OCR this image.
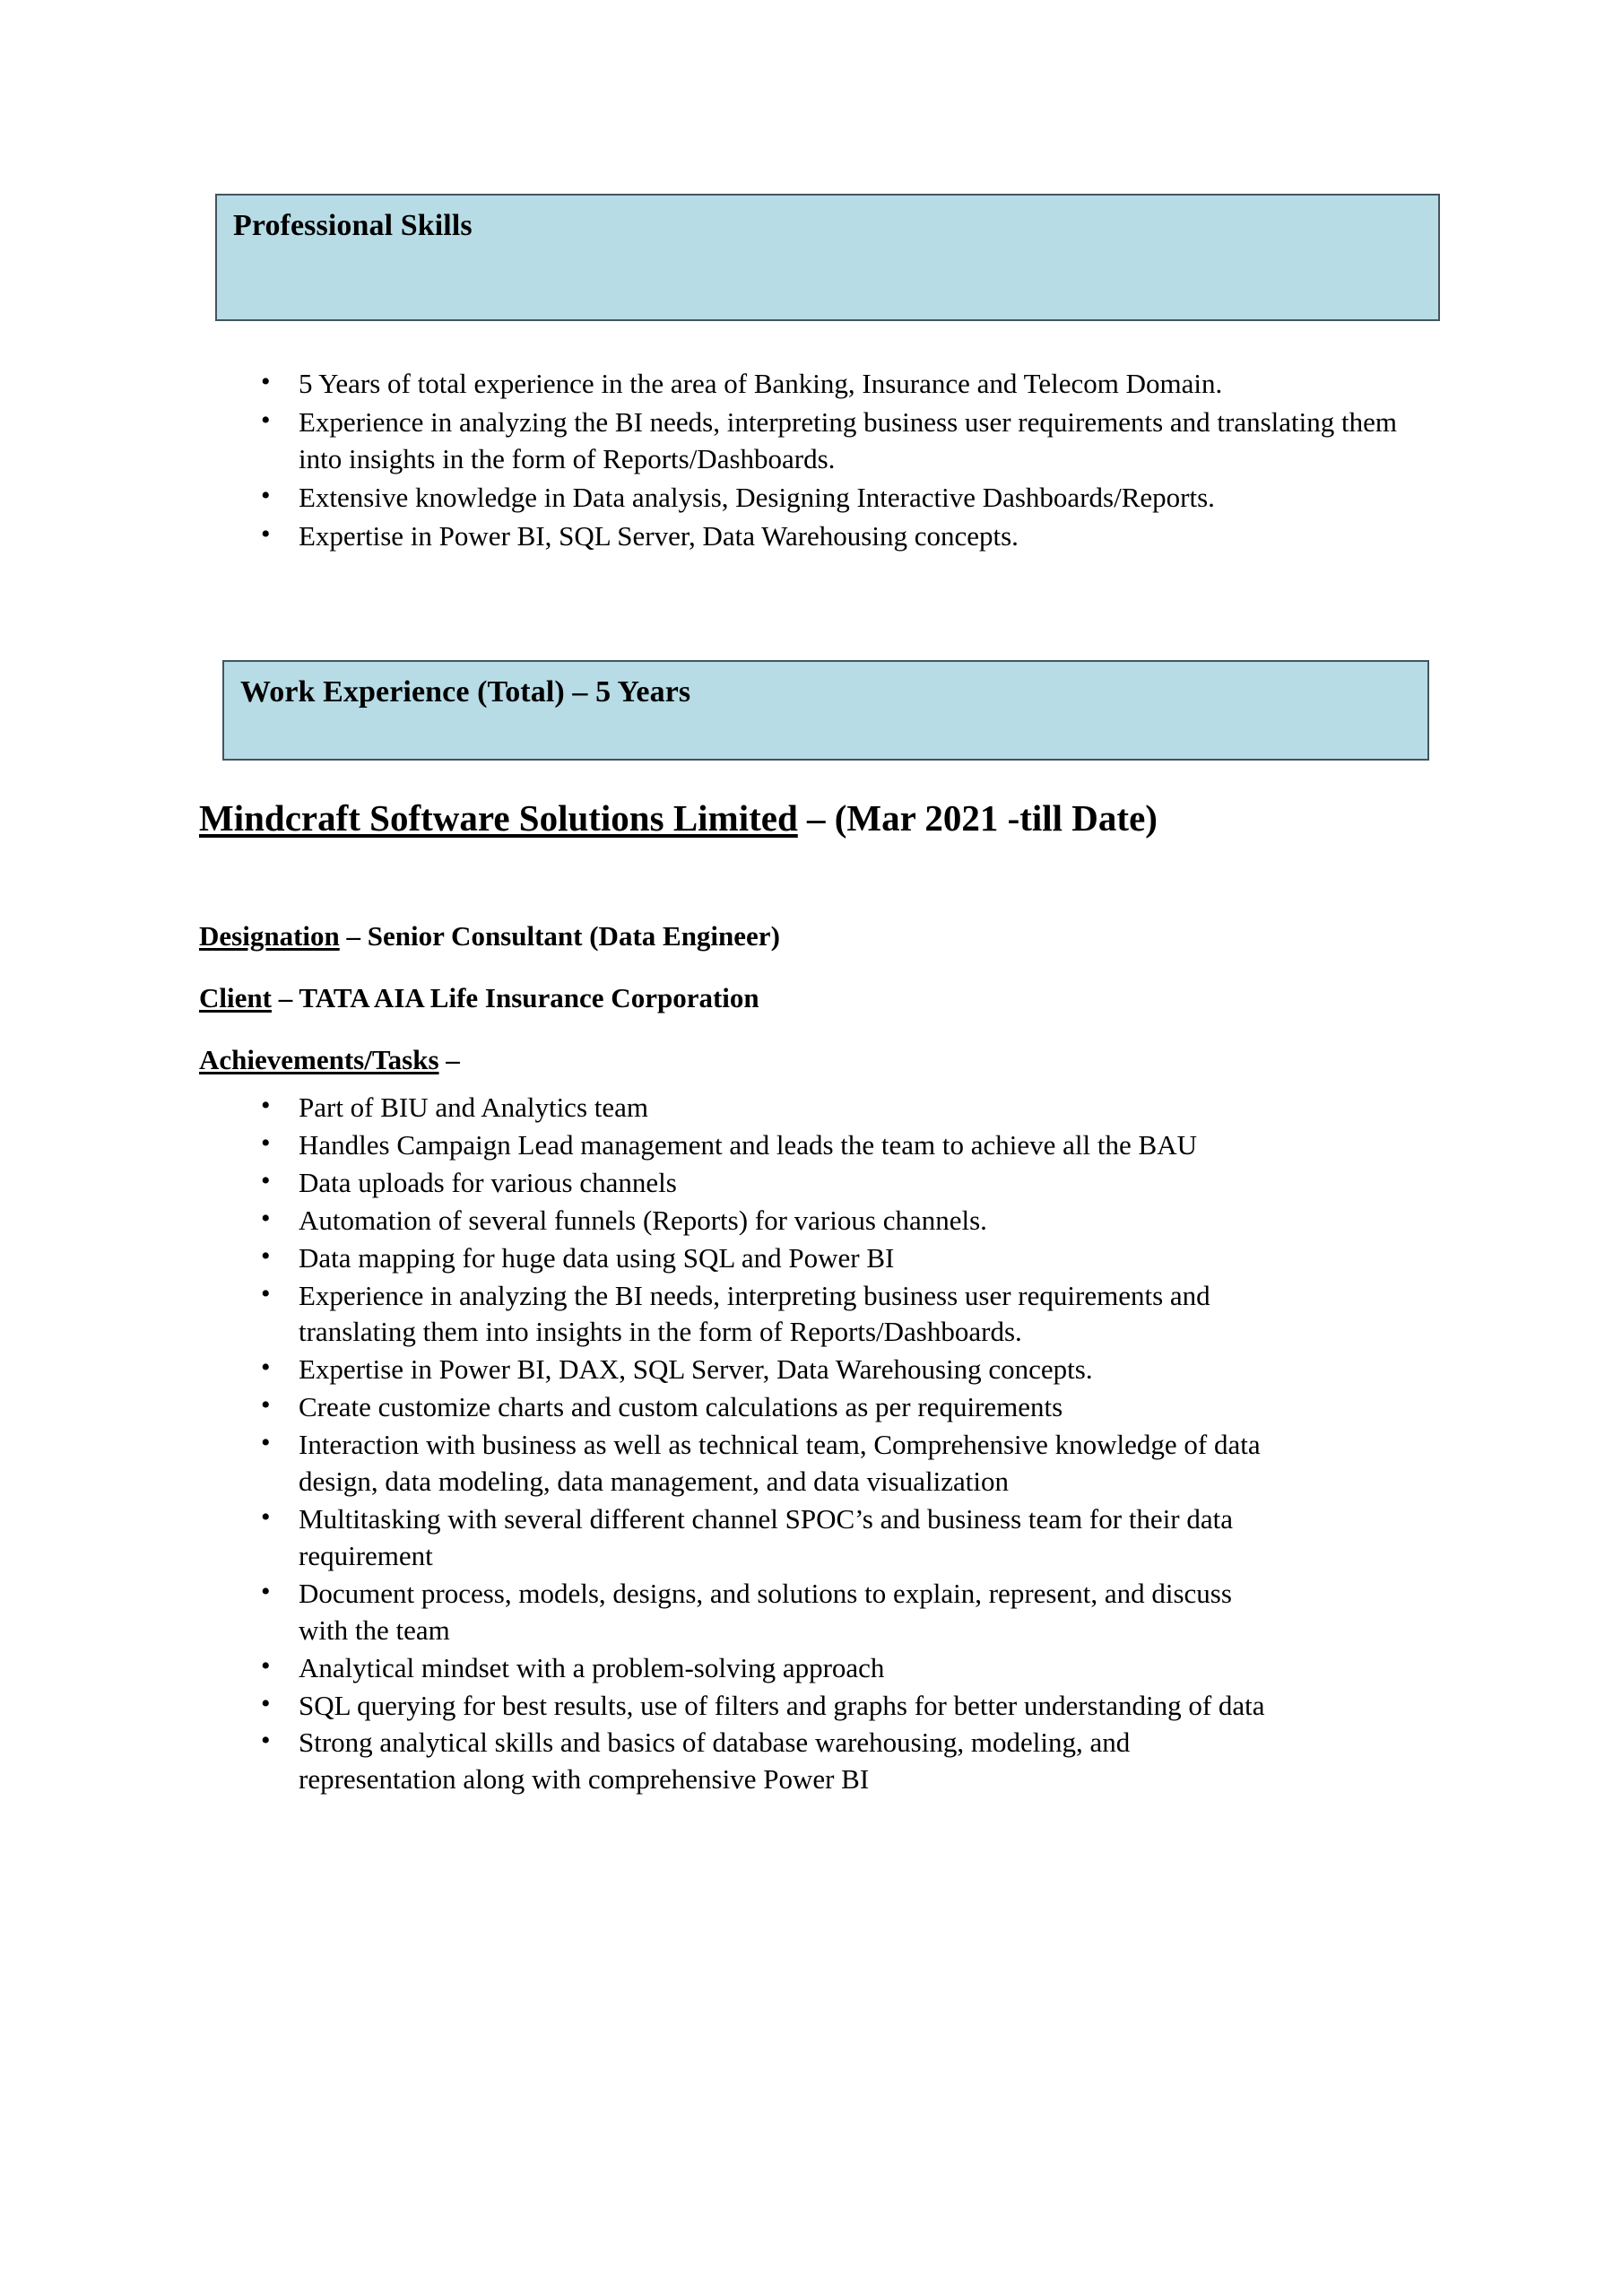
Professional Skills
• 5 Years of total experience in the area of Banking, Insurance and Telecom Domain.
• Experience in analyzing the BI needs, interpreting business user requirements and translating them into insights in the form of Reports/Dashboards.
• Extensive knowledge in Data analysis, Designing Interactive Dashboards/Reports.
• Expertise in Power BI, SQL Server, Data Warehousing concepts.
Work Experience (Total) – 5 Years
Mindcraft Software Solutions Limited – (Mar 2021 -till Date)
Designation – Senior Consultant (Data Engineer)
Client – TATA AIA Life Insurance Corporation
Achievements/Tasks –
• Part of BIU and Analytics team
• Handles Campaign Lead management and leads the team to achieve all the BAU
• Data uploads for various channels
• Automation of several funnels (Reports) for various channels.
• Data mapping for huge data using SQL and Power BI
• Experience in analyzing the BI needs, interpreting business user requirements and translating them into insights in the form of Reports/Dashboards.
• Expertise in Power BI, DAX, SQL Server, Data Warehousing concepts.
• Create customize charts and custom calculations as per requirements
• Interaction with business as well as technical team, Comprehensive knowledge of data design, data modeling, data management, and data visualization
• Multitasking with several different channel SPOC’s and business team for their data requirement
• Document process, models, designs, and solutions to explain, represent, and discuss with the team
• Analytical mindset with a problem-solving approach
• SQL querying for best results, use of filters and graphs for better understanding of data
• Strong analytical skills and basics of database warehousing, modeling, and representation along with comprehensive Power BI
